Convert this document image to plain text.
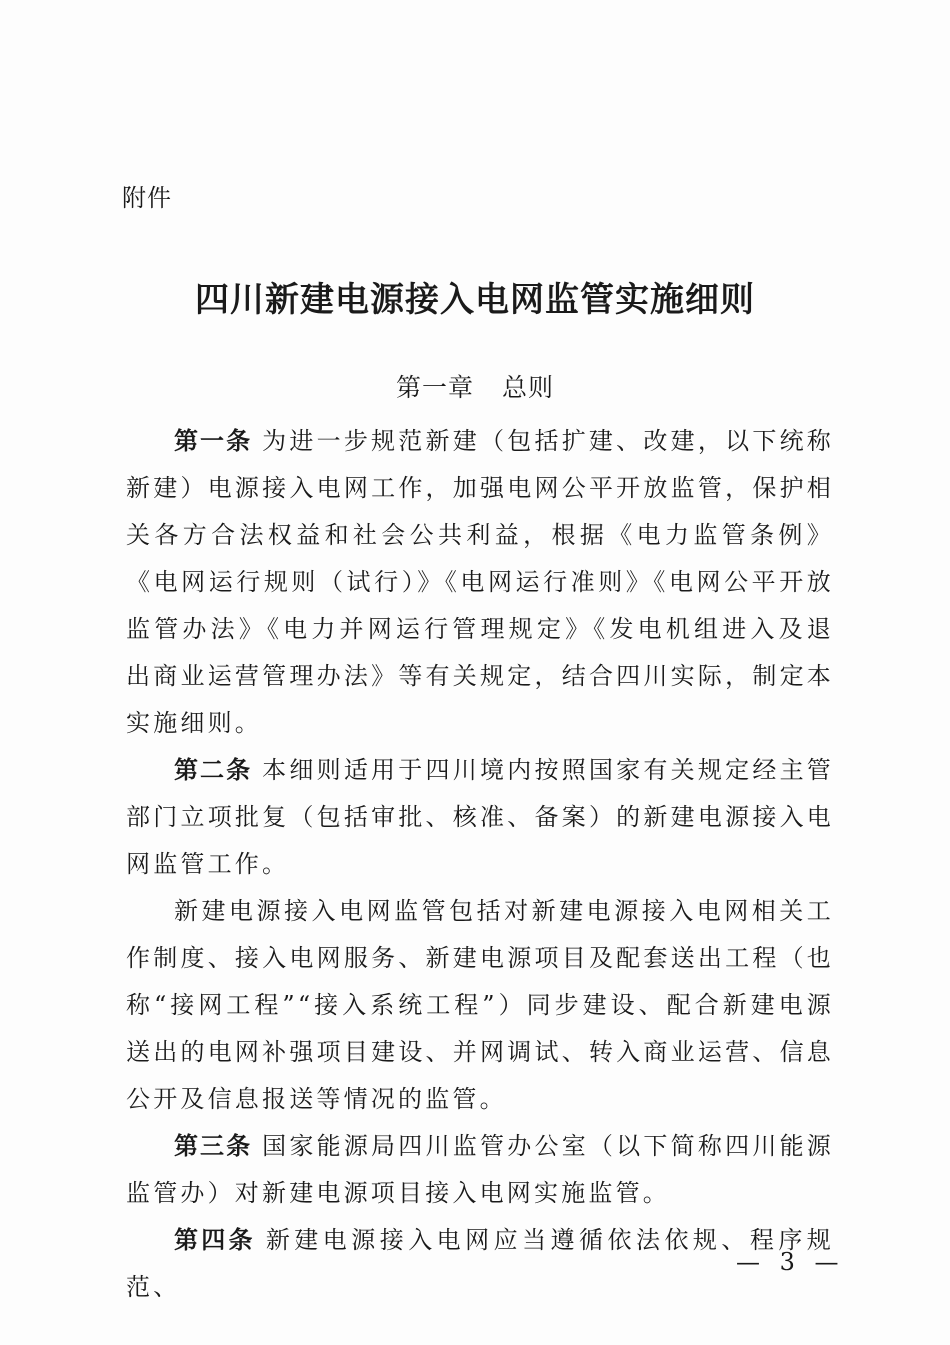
附件
四川新建电源接入电网监管实施细则
第一章 总则

第一条 为进一步规范新建（包括扩建、改建，以下统称新建）电源接入电网工作，加强电网公平开放监管，保护相关各方合法权益和社会公共利益，根据《电力监管条例》《电网运行规则（试行）》《电网运行准则》《电网公平开放监管办法》《电力并网运行管理规定》《发电机组进入及退出商业运营管理办法》等有关规定，结合四川实际，制定本实施细则。

第二条 本细则适用于四川境内按照国家有关规定经主管部门立项批复（包括审批、核准、备案）的新建电源接入电网监管工作。

新建电源接入电网监管包括对新建电源接入电网相关工作制度、接入电网服务、新建电源项目及配套送出工程（也称“接网工程”“接入系统工程”）同步建设、配合新建电源送出的电网补强项目建设、并网调试、转入商业运营、信息公开及信息报送等情况的监管。

第三条 国家能源局四川监管办公室（以下简称四川能源监管办）对新建电源项目接入电网实施监管。

第四条 新建电源接入电网应当遵循依法依规、程序规范、

— 3 —
